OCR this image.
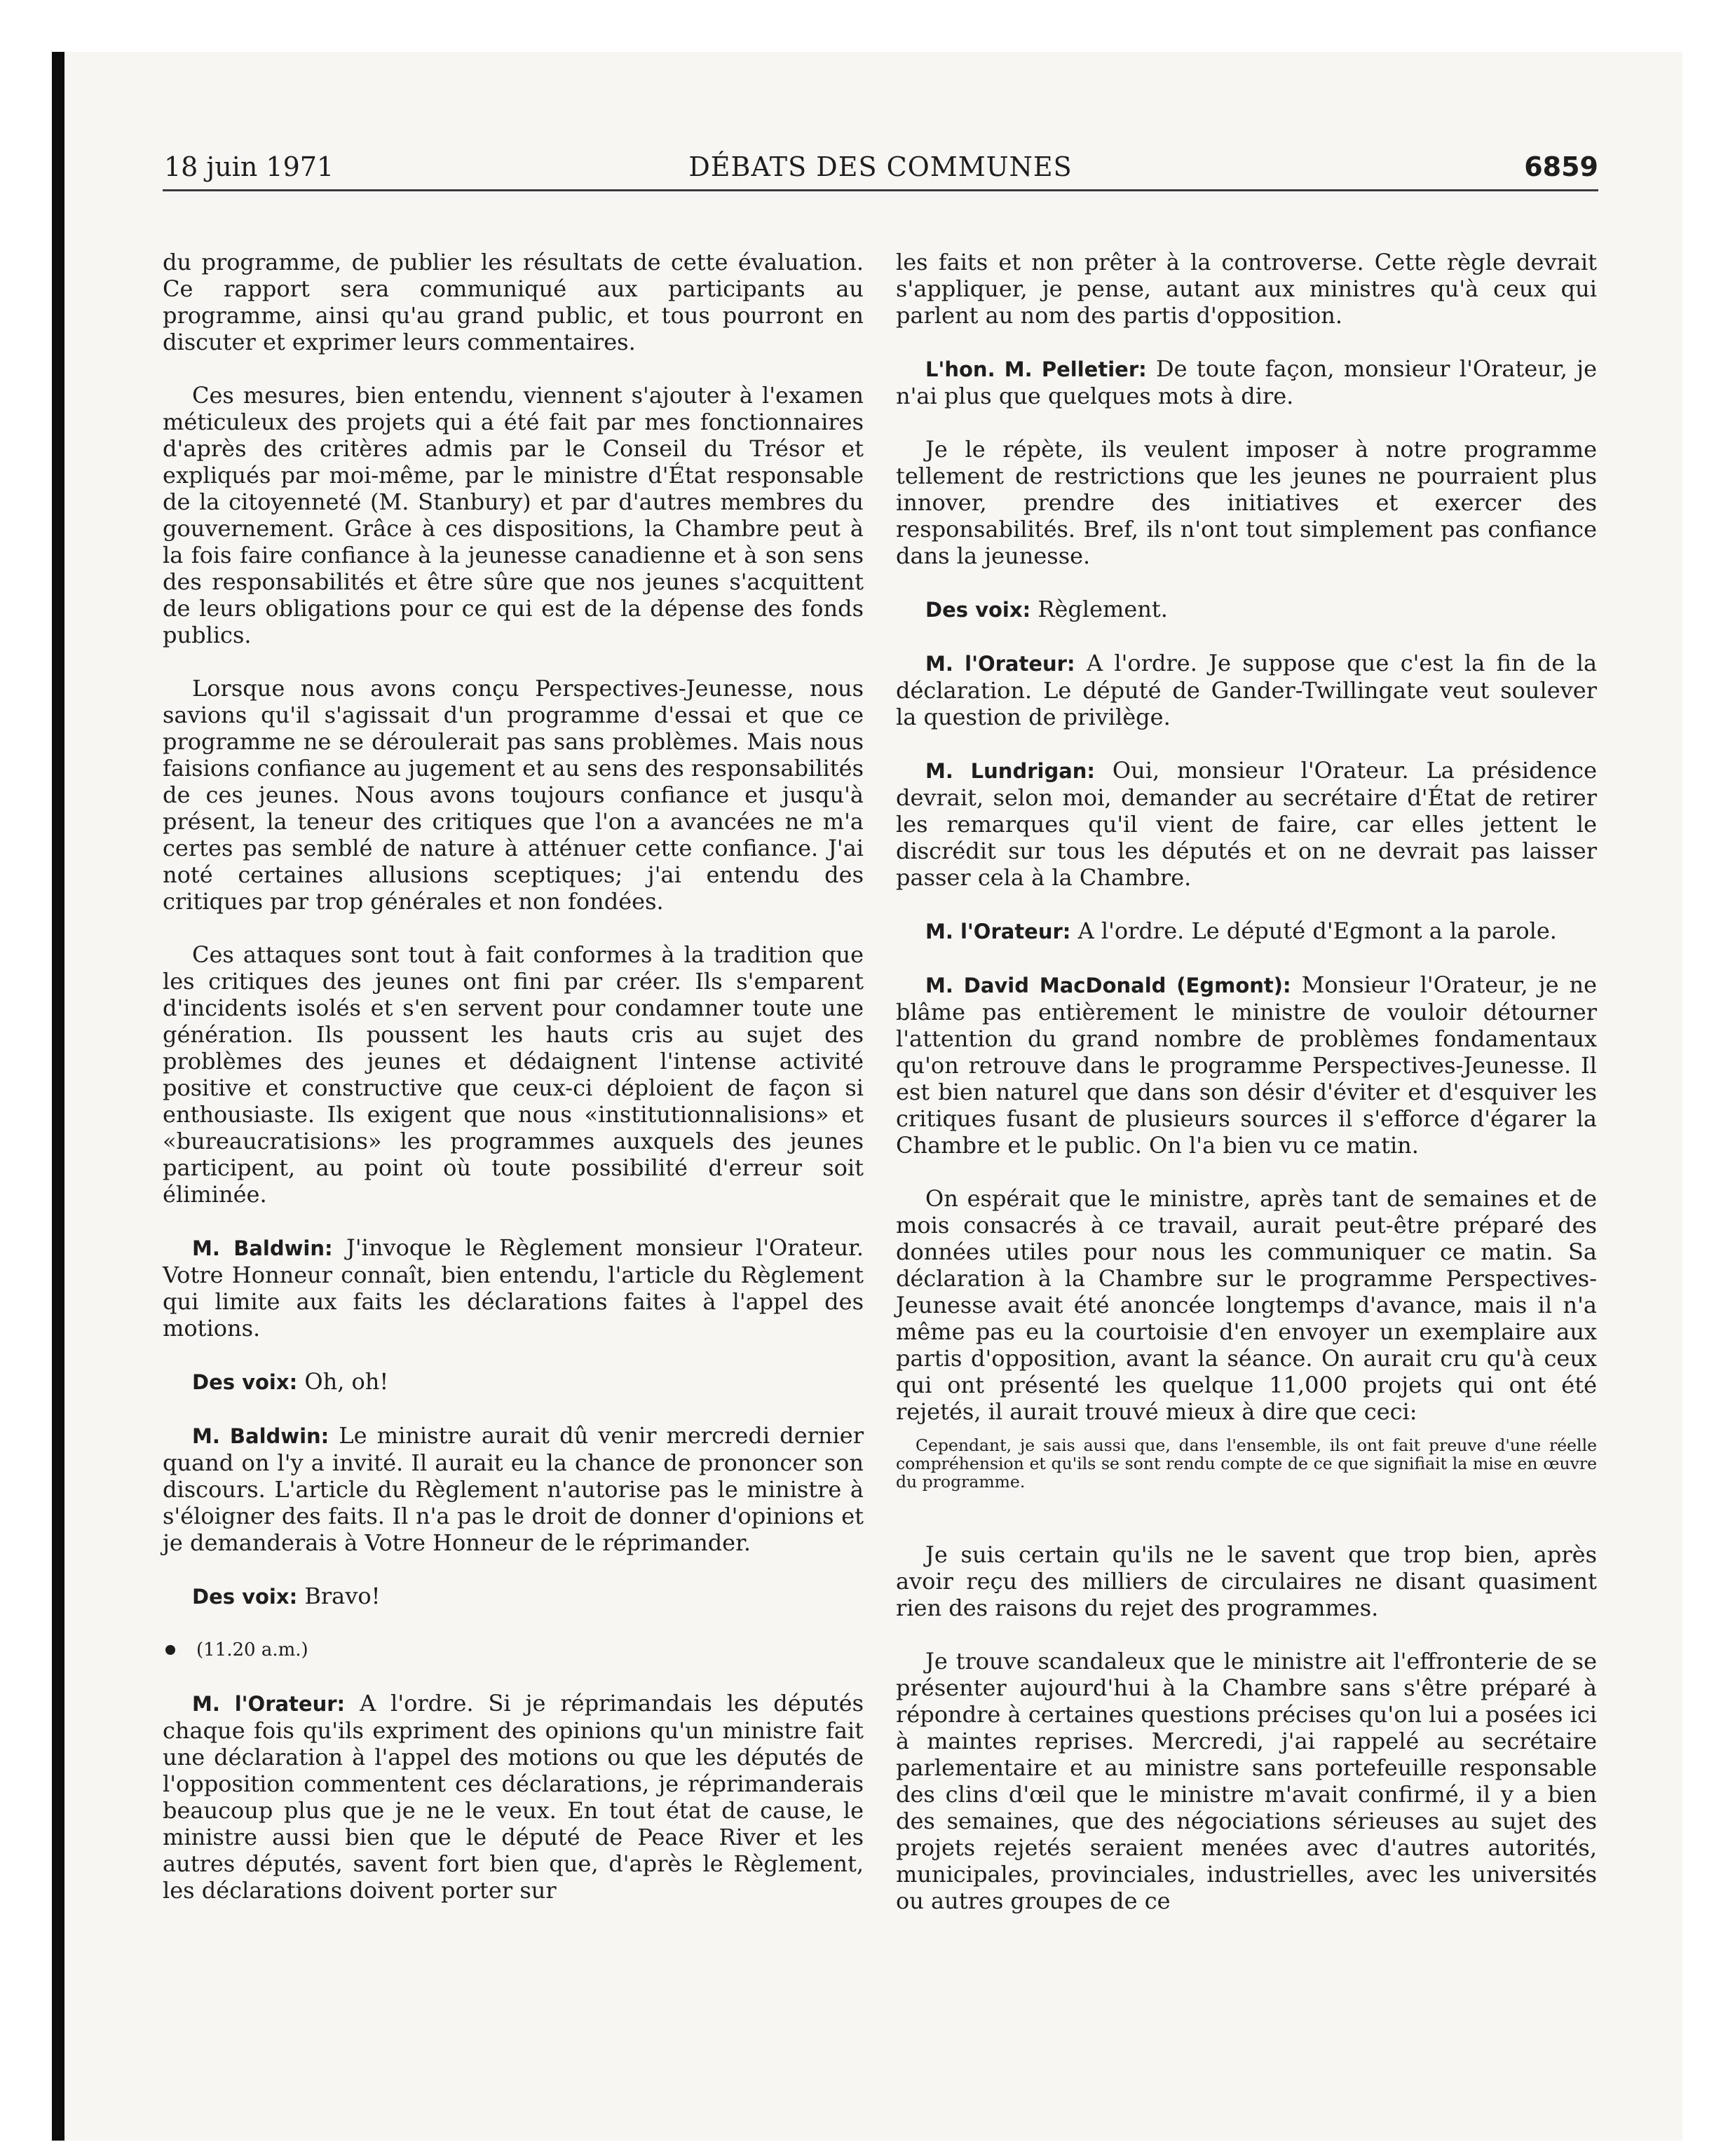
18 juin 1971	DÉBATS DES COMMUNES	6859

du programme, de publier les résultats de cette évaluation. Ce rapport sera communiqué aux participants au programme, ainsi qu'au grand public, et tous pourront en discuter et exprimer leurs commentaires.

Ces mesures, bien entendu, viennent s'ajouter à l'examen méticuleux des projets qui a été fait par mes fonctionnaires d'après des critères admis par le Conseil du Trésor et expliqués par moi-même, par le ministre d'État responsable de la citoyenneté (M. Stanbury) et par d'autres membres du gouvernement. Grâce à ces dispositions, la Chambre peut à la fois faire confiance à la jeunesse canadienne et à son sens des responsabilités et être sûre que nos jeunes s'acquittent de leurs obligations pour ce qui est de la dépense des fonds publics.

Lorsque nous avons conçu Perspectives-Jeunesse, nous savions qu'il s'agissait d'un programme d'essai et que ce programme ne se déroulerait pas sans problèmes. Mais nous faisions confiance au jugement et au sens des responsabilités de ces jeunes. Nous avons toujours confiance et jusqu'à présent, la teneur des critiques que l'on a avancées ne m'a certes pas semblé de nature à atténuer cette confiance. J'ai noté certaines allusions sceptiques; j'ai entendu des critiques par trop générales et non fondées.

Ces attaques sont tout à fait conformes à la tradition que les critiques des jeunes ont fini par créer. Ils s'emparent d'incidents isolés et s'en servent pour condamner toute une génération. Ils poussent les hauts cris au sujet des problèmes des jeunes et dédaignent l'intense activité positive et constructive que ceux-ci déploient de façon si enthousiaste. Ils exigent que nous «institutionnalisions» et «bureaucratisions» les programmes auxquels des jeunes participent, au point où toute possibilité d'erreur soit éliminée.

M. Baldwin: J'invoque le Règlement monsieur l'Orateur. Votre Honneur connaît, bien entendu, l'article du Règlement qui limite aux faits les déclarations faites à l'appel des motions.

Des voix: Oh, oh!

M. Baldwin: Le ministre aurait dû venir mercredi dernier quand on l'y a invité. Il aurait eu la chance de prononcer son discours. L'article du Règlement n'autorise pas le ministre à s'éloigner des faits. Il n'a pas le droit de donner d'opinions et je demanderais à Votre Honneur de le réprimander.

Des voix: Bravo!

(11.20 a.m.)

M. l'Orateur: A l'ordre. Si je réprimandais les députés chaque fois qu'ils expriment des opinions qu'un ministre fait une déclaration à l'appel des motions ou que les députés de l'opposition commentent ces déclarations, je réprimanderais beaucoup plus que je ne le veux. En tout état de cause, le ministre aussi bien que le député de Peace River et les autres députés, savent fort bien que, d'après le Règlement, les déclarations doivent porter sur

les faits et non prêter à la controverse. Cette règle devrait s'appliquer, je pense, autant aux ministres qu'à ceux qui parlent au nom des partis d'opposition.

L'hon. M. Pelletier: De toute façon, monsieur l'Orateur, je n'ai plus que quelques mots à dire.

Je le répète, ils veulent imposer à notre programme tellement de restrictions que les jeunes ne pourraient plus innover, prendre des initiatives et exercer des responsabilités. Bref, ils n'ont tout simplement pas confiance dans la jeunesse.

Des voix: Règlement.

M. l'Orateur: A l'ordre. Je suppose que c'est la fin de la déclaration. Le député de Gander-Twillingate veut soulever la question de privilège.

M. Lundrigan: Oui, monsieur l'Orateur. La présidence devrait, selon moi, demander au secrétaire d'État de retirer les remarques qu'il vient de faire, car elles jettent le discrédit sur tous les députés et on ne devrait pas laisser passer cela à la Chambre.

M. l'Orateur: A l'ordre. Le député d'Egmont a la parole.

M. David MacDonald (Egmont): Monsieur l'Orateur, je ne blâme pas entièrement le ministre de vouloir détourner l'attention du grand nombre de problèmes fondamentaux qu'on retrouve dans le programme Perspectives-Jeunesse. Il est bien naturel que dans son désir d'éviter et d'esquiver les critiques fusant de plusieurs sources il s'efforce d'égarer la Chambre et le public. On l'a bien vu ce matin.

On espérait que le ministre, après tant de semaines et de mois consacrés à ce travail, aurait peut-être préparé des données utiles pour nous les communiquer ce matin. Sa déclaration à la Chambre sur le programme Perspectives-Jeunesse avait été anoncée longtemps d'avance, mais il n'a même pas eu la courtoisie d'en envoyer un exemplaire aux partis d'opposition, avant la séance. On aurait cru qu'à ceux qui ont présenté les quelque 11,000 projets qui ont été rejetés, il aurait trouvé mieux à dire que ceci:

Cependant, je sais aussi que, dans l'ensemble, ils ont fait preuve d'une réelle compréhension et qu'ils se sont rendu compte de ce que signifiait la mise en œuvre du programme.

Je suis certain qu'ils ne le savent que trop bien, après avoir reçu des milliers de circulaires ne disant quasiment rien des raisons du rejet des programmes.

Je trouve scandaleux que le ministre ait l'effronterie de se présenter aujourd'hui à la Chambre sans s'être préparé à répondre à certaines questions précises qu'on lui a posées ici à maintes reprises. Mercredi, j'ai rappelé au secrétaire parlementaire et au ministre sans portefeuille responsable des clins d'œil que le ministre m'avait confirmé, il y a bien des semaines, que des négociations sérieuses au sujet des projets rejetés seraient menées avec d'autres autorités, municipales, provinciales, industrielles, avec les universités ou autres groupes de ce
